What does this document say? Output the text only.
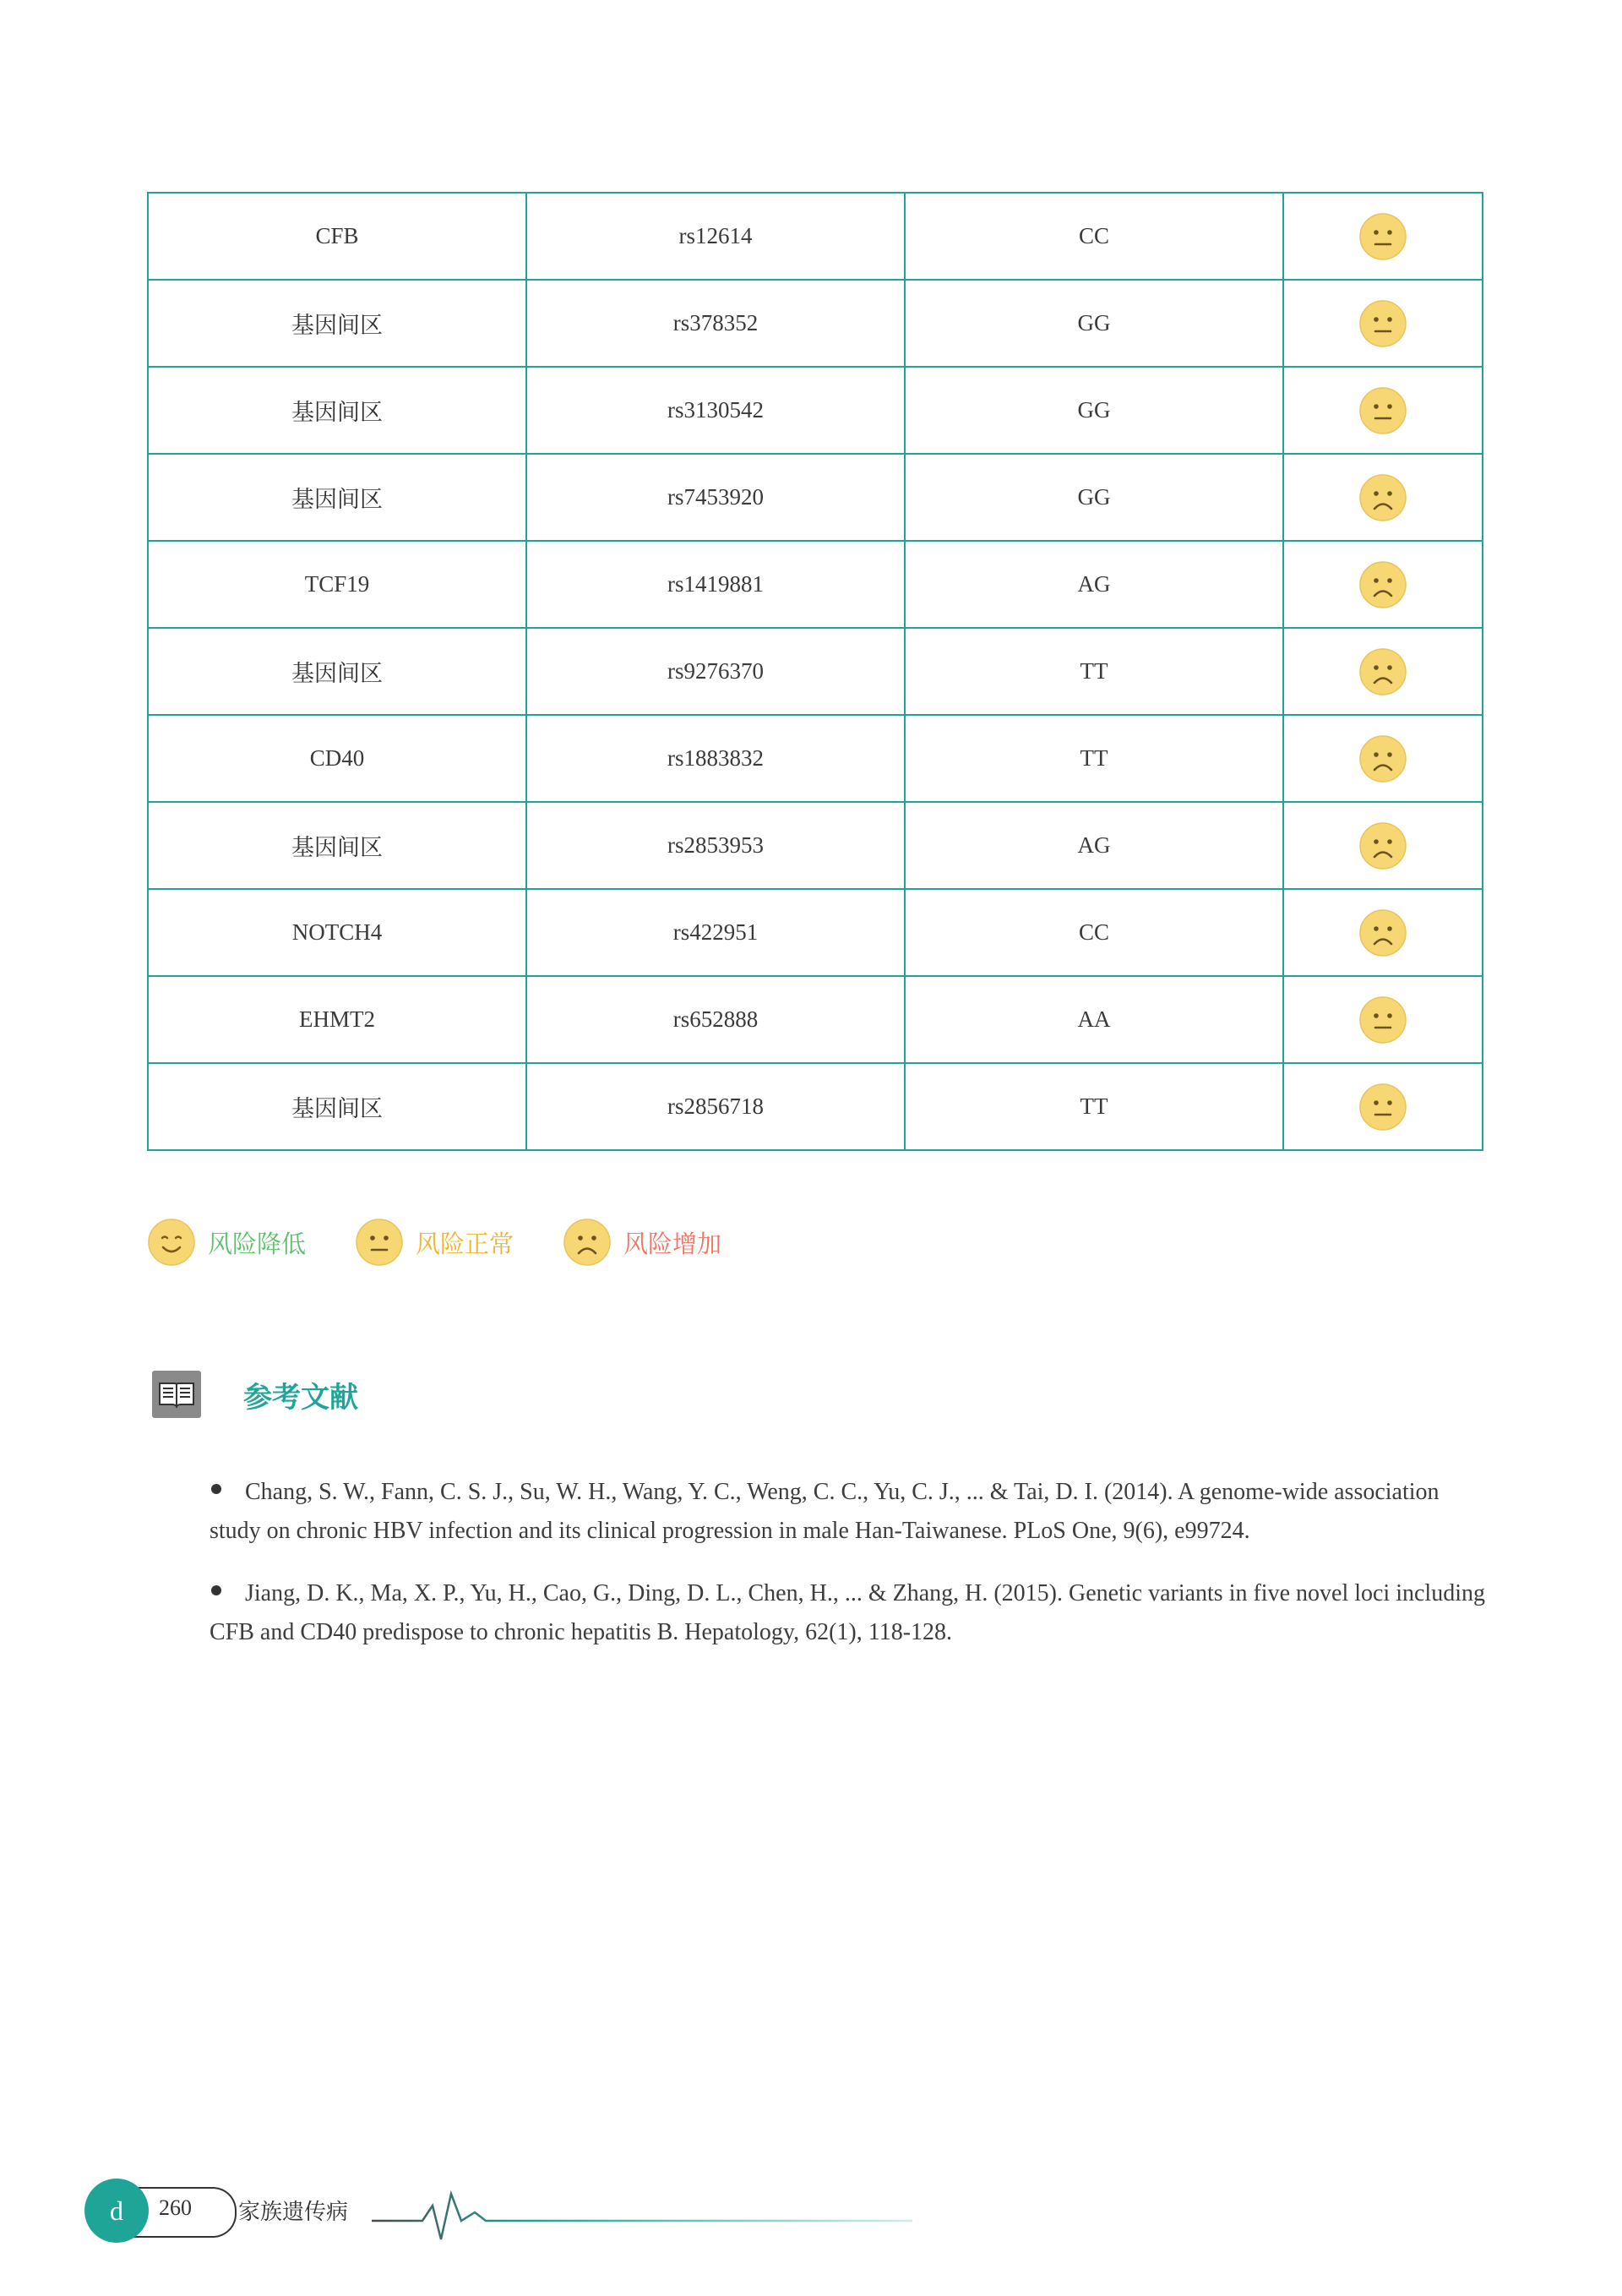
CFB	rs12614	CC	
基因间区	rs378352	GG	
基因间区	rs3130542	GG	
基因间区	rs7453920	GG	
TCF19	rs1419881	AG	
基因间区	rs9276370	TT	
CD40	rs1883832	TT	
基因间区	rs2853953	AG	
NOTCH4	rs422951	CC	
EHMT2	rs652888	AA	
基因间区	rs2856718	TT	
风险降低	风险正常	风险增加
参考文献
Chang, S. W., Fann, C. S. J., Su, W. H., Wang, Y. C., Weng, C. C., Yu, C. J., ... & Tai, D. I. (2014). A genome-wide association study on chronic HBV infection and its clinical progression in male Han-Taiwanese. PLoS One, 9(6), e99724.
Jiang, D. K., Ma, X. P., Yu, H., Cao, G., Ding, D. L., Chen, H., ... & Zhang, H. (2015). Genetic variants in five novel loci including CFB and CD40 predispose to chronic hepatitis B. Hepatology, 62(1), 118-128.
d	260 家族遗传病
